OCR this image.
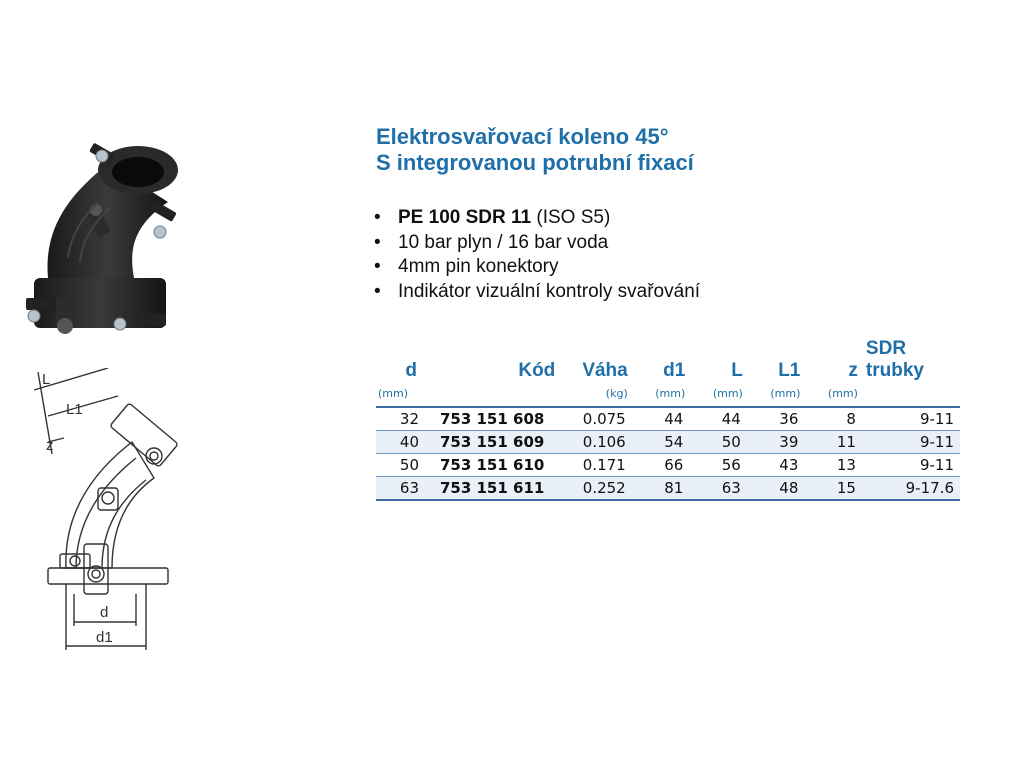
L
L1
z
d
d1
Elektrosvařovací koleno 45°
S integrovanou potrubní fixací
• PE 100 SDR 11 (ISO S5)
• 10 bar plyn / 16 bar voda
• 4mm pin konektory
• Indikátor vizuální kontroly svařování
d	Kód	Váha	d1	L	L1	z	SDR trubky
(mm)		(kg)	(mm)	(mm)	(mm)	(mm)	
32	753 151 608	0.075	44	44	36	8	9-11
40	753 151 609	0.106	54	50	39	11	9-11
50	753 151 610	0.171	66	56	43	13	9-11
63	753 151 611	0.252	81	63	48	15	9-17.6
